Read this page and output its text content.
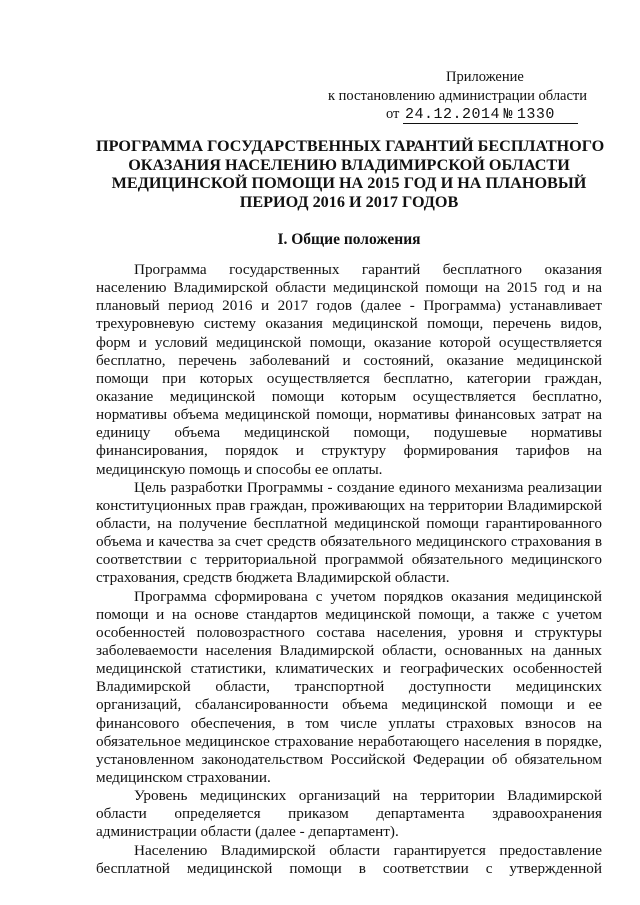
Приложение
к постановлению администрации области
от 24.12.2014 № 1330
ПРОГРАММА ГОСУДАРСТВЕННЫХ ГАРАНТИЙ БЕСПЛАТНОГО
ОКАЗАНИЯ НАСЕЛЕНИЮ ВЛАДИМИРСКОЙ ОБЛАСТИ
МЕДИЦИНСКОЙ ПОМОЩИ НА 2015 ГОД И НА ПЛАНОВЫЙ
ПЕРИОД 2016 И 2017 ГОДОВ
I. Общие положения
Программа государственных гарантий бесплатного оказания
населению Владимирской области медицинской помощи на 2015 год и на
плановый период 2016 и 2017 годов (далее - Программа) устанавливает
трехуровневую систему оказания медицинской помощи, перечень видов,
форм и условий медицинской помощи, оказание которой осуществляется
бесплатно, перечень заболеваний и состояний, оказание медицинской
помощи при которых осуществляется бесплатно, категории граждан,
оказание медицинской помощи которым осуществляется бесплатно,
нормативы объема медицинской помощи, нормативы финансовых затрат на
единицу объема медицинской помощи, подушевые нормативы
финансирования, порядок и структуру формирования тарифов на
медицинскую помощь и способы ее оплаты.
Цель разработки Программы - создание единого механизма реализации
конституционных прав граждан, проживающих на территории Владимирской
области, на получение бесплатной медицинской помощи гарантированного
объема и качества за счет средств обязательного медицинского страхования в
соответствии с территориальной программой обязательного медицинского
страхования, средств бюджета Владимирской области.
Программа сформирована с учетом порядков оказания медицинской
помощи и на основе стандартов медицинской помощи, а также с учетом
особенностей половозрастного состава населения, уровня и структуры
заболеваемости населения Владимирской области, основанных на данных
медицинской статистики, климатических и географических особенностей
Владимирской области, транспортной доступности медицинских
организаций, сбалансированности объема медицинской помощи и ее
финансового обеспечения, в том числе уплаты страховых взносов на
обязательное медицинское страхование неработающего населения в порядке,
установленном законодательством Российской Федерации об обязательном
медицинском страховании.
Уровень медицинских организаций на территории Владимирской
области определяется приказом департамента здравоохранения
администрации области (далее - департамент).
Населению Владимирской области гарантируется предоставление
бесплатной медицинской помощи в соответствии с утвержденной
